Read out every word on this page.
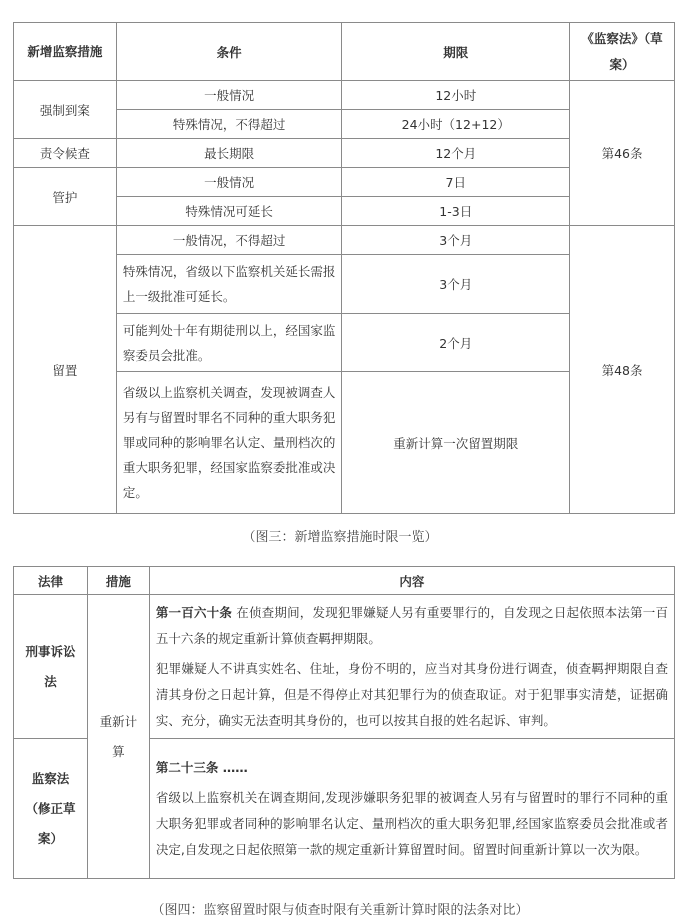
新增监察措施	条件	期限	《监察法》（草案）
强制到案	一般情况	12小时	第46条
	特殊情况，不得超过	24小时（12+12）	
责令候查	最长期限	12个月	
管护	一般情况	7日	
	特殊情况可延长	1-3日	
留置	一般情况，不得超过	3个月	第48条
	特殊情况，省级以下监察机关延长需报上一级批准可延长。	3个月	
	可能判处十年有期徒刑以上，经国家监察委员会批准。	2个月	
	省级以上监察机关调查，发现被调查人另有与留置时罪名不同种的重大职务犯罪或同种的影响罪名认定、量刑档次的重大职务犯罪，经国家监察委批准或决定。	重新计算一次留置期限	
（图三：新增监察措施时限一览）
法律	措施	内容
刑事诉讼法	重新计算	第一百六十条 在侦查期间，发现犯罪嫌疑人另有重要罪行的，自发现之日起依照本法第一百五十六条的规定重新计算侦查羁押期限。
犯罪嫌疑人不讲真实姓名、住址，身份不明的，应当对其身份进行调查，侦查羁押期限自查清其身份之日起计算，但是不得停止对其犯罪行为的侦查取证。对于犯罪事实清楚，证据确实、充分，确实无法查明其身份的，也可以按其自报的姓名起诉、审判。

监察法（修正草案）		第二十三条 ……
省级以上监察机关在调查期间,发现涉嫌职务犯罪的被调查人另有与留置时的罪行不同种的重大职务犯罪或者同种的影响罪名认定、量刑档次的重大职务犯罪,经国家监察委员会批准或者决定,自发现之日起依照第一款的规定重新计算留置时间。留置时间重新计算以一次为限。
（图四：监察留置时限与侦查时限有关重新计算时限的法条对比）
